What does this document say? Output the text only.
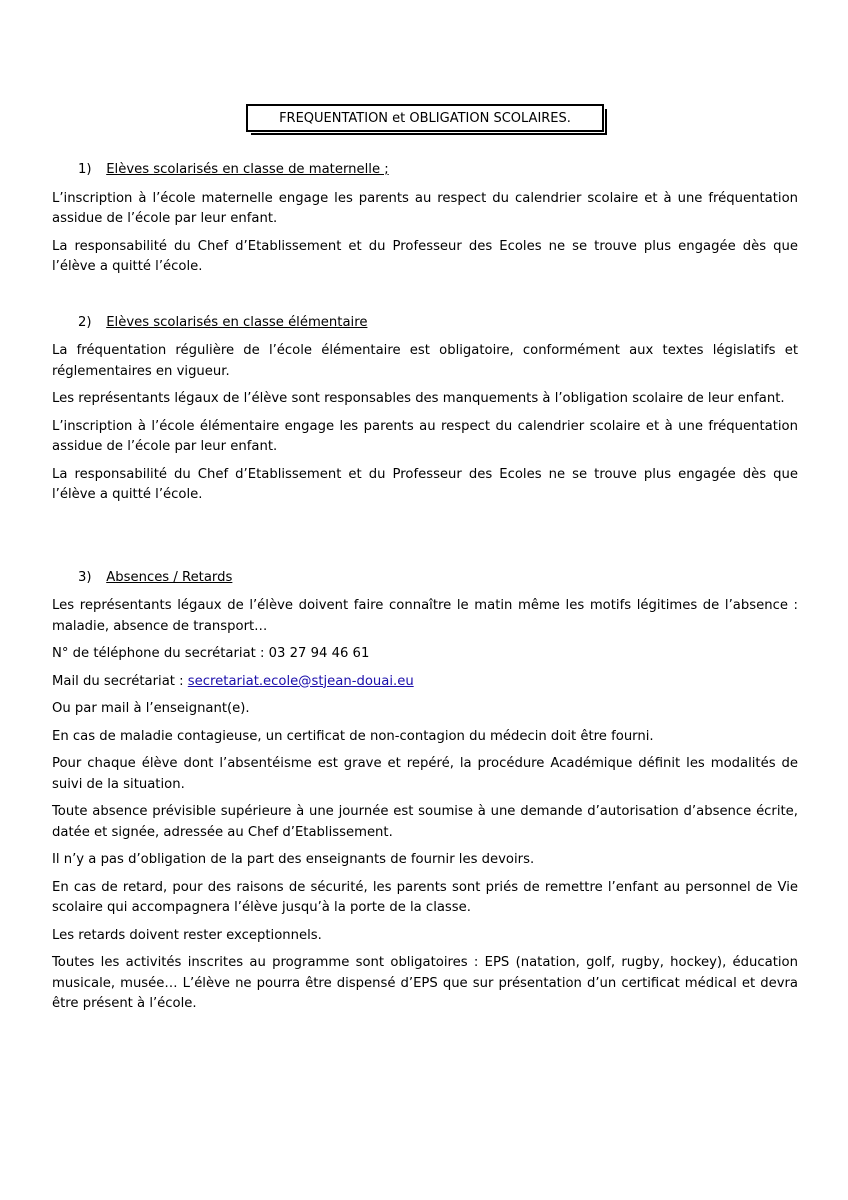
FREQUENTATION et OBLIGATION SCOLAIRES.
1) Elèves scolarisés en classe de maternelle ;

L’inscription à l’école maternelle engage les parents au respect du calendrier scolaire et à une fréquentation assidue de l’école par leur enfant.

La responsabilité du Chef d’Etablissement et du Professeur des Ecoles ne se trouve plus engagée dès que l’élève a quitté l’école.

2) Elèves scolarisés en classe élémentaire

La fréquentation régulière de l’école élémentaire est obligatoire, conformément aux textes législatifs et réglementaires en vigueur.

Les représentants légaux de l’élève sont responsables des manquements à l’obligation scolaire de leur enfant.

L’inscription à l’école élémentaire engage les parents au respect du calendrier scolaire et à une fréquentation assidue de l’école par leur enfant.

La responsabilité du Chef d’Etablissement et du Professeur des Ecoles ne se trouve plus engagée dès que l’élève a quitté l’école.

3) Absences / Retards

Les représentants légaux de l’élève doivent faire connaître le matin même les motifs légitimes de l’absence : maladie, absence de transport…

N° de téléphone du secrétariat : 03 27 94 46 61

Mail du secrétariat : secretariat.ecole@stjean-douai.eu

Ou par mail à l’enseignant(e).

En cas de maladie contagieuse, un certificat de non-contagion du médecin doit être fourni.

Pour chaque élève dont l’absentéisme est grave et repéré, la procédure Académique définit les modalités de suivi de la situation.

Toute absence prévisible supérieure à une journée est soumise à une demande d’autorisation d’absence écrite, datée et signée, adressée au Chef d’Etablissement.

Il n’y a pas d’obligation de la part des enseignants de fournir les devoirs.

En cas de retard, pour des raisons de sécurité, les parents sont priés de remettre l’enfant au personnel de Vie scolaire qui accompagnera l’élève jusqu’à la porte de la classe.

Les retards doivent rester exceptionnels.

Toutes les activités inscrites au programme sont obligatoires : EPS (natation, golf, rugby, hockey), éducation musicale, musée… L’élève ne pourra être dispensé d’EPS que sur présentation d’un certificat médical et devra être présent à l’école.
